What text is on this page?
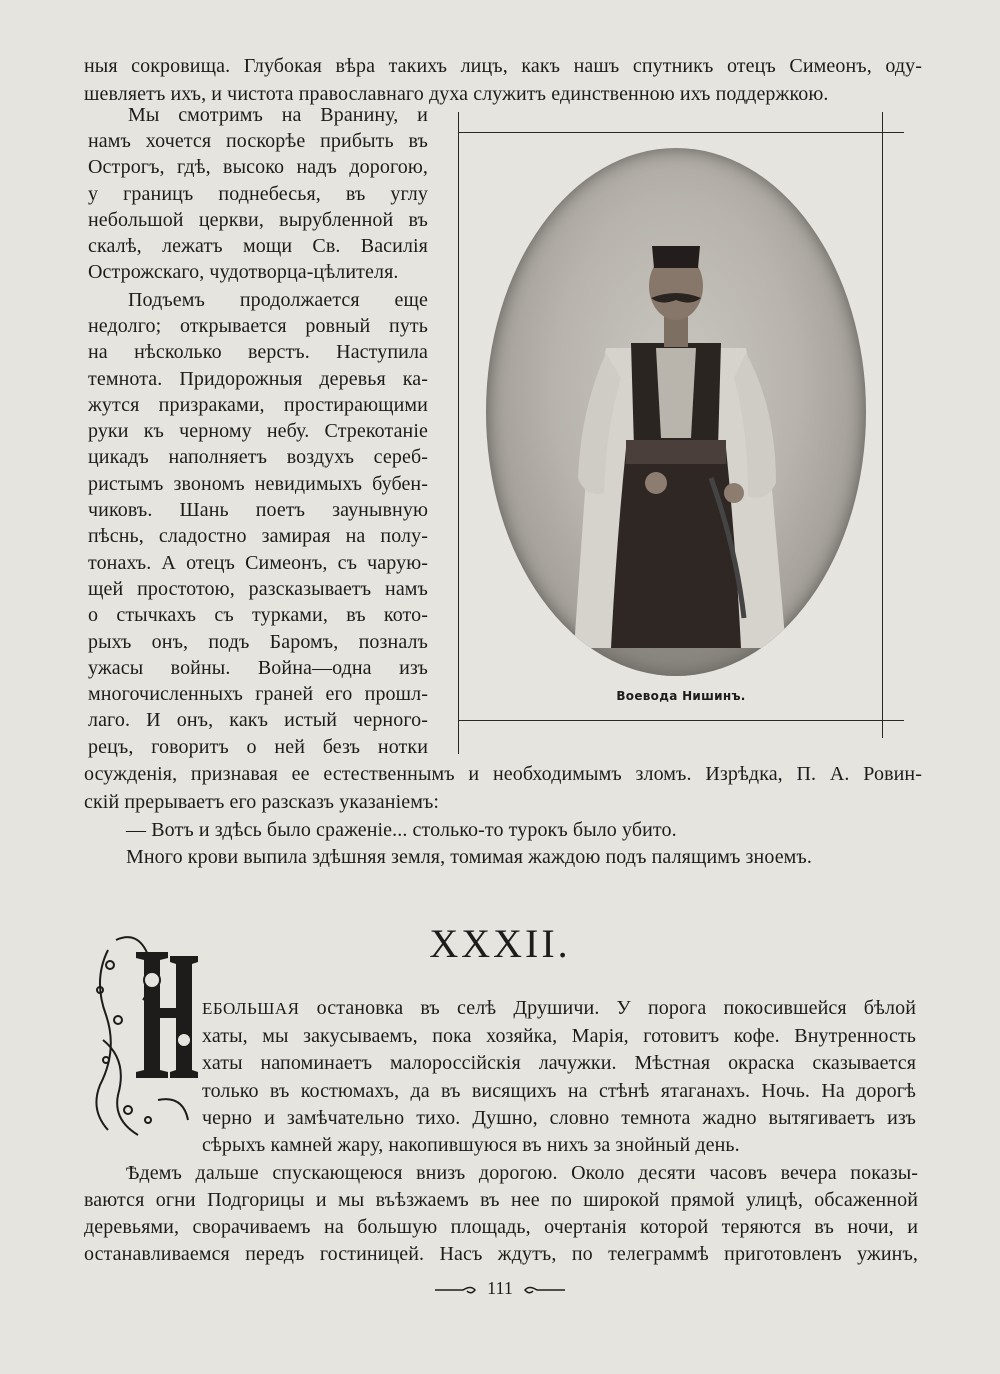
ныя сокровища. Глубокая вѣра такихъ лицъ, какъ нашъ спутникъ отецъ Симеонъ, оду-

шевляетъ ихъ, и чистота православнаго духа служитъ единственною ихъ поддержкою.

Мы смотримъ на Вранину, и

намъ хочется поскорѣе прибыть въ

Острогъ, гдѣ, высоко надъ дорогою,

у границъ поднебесья, въ углу

небольшой церкви, вырубленной въ

скалѣ, лежатъ мощи Св. Василія

Острожскаго, чудотворца-цѣлителя.

Подъемъ продолжается еще

недолго; открывается ровный путь

на нѣсколько верстъ. Наступила

темнота. Придорожныя деревья ка-

жутся призраками, простирающими

руки къ черному небу. Стрекотаніе

цикадъ наполняетъ воздухъ сереб-

ристымъ звономъ невидимыхъ бубен-

чиковъ. Шань поетъ заунывную

пѣснь, сладостно замирая на полу-

тонахъ. А отецъ Симеонъ, съ чарую-

щей простотою, разсказываетъ намъ

о стычкахъ съ турками, въ кото-

рыхъ онъ, подъ Баромъ, позналъ

ужасы войны. Война—одна изъ

многочисленныхъ граней его прошл-

лаго. И онъ, какъ истый черного-

рецъ, говоритъ о ней безъ нотки

Воевода Нишинъ.

осужденія, признавая ее естественнымъ и необходимымъ зломъ. Изрѣдка, П. А. Ровин-

скій прерываетъ его разсказъ указаніемъ:

— Вотъ и здѣсь было сраженіе... столько-то турокъ было убито.

Много крови выпила здѣшняя земля, томимая жаждою подъ палящимъ зноемъ.

XXXII.

ЕБОЛЬШАЯ остановка въ селѣ Друшичи. У порога покосившейся бѣлой

хаты, мы закусываемъ, пока хозяйка, Марія, готовитъ кофе. Внутренность

хаты напоминаетъ малороссійскія лачужки. Мѣстная окраска сказывается

только въ костюмахъ, да въ висящихъ на стѣнѣ ятаганахъ. Ночь. На дорогѣ

черно и замѣчательно тихо. Душно, словно темнота жадно вытягиваетъ изъ

сѣрыхъ камней жару, накопившуюся въ нихъ за знойный день.

Ѣдемъ дальше спускающеюся внизъ дорогою. Около десяти часовъ вечера показы-

ваются огни Подгорицы и мы въѣзжаемъ въ нее по широкой прямой улицѣ, обсаженной

деревьями, сворачиваемъ на большую площадь, очертанія которой теряются въ ночи, и

останавливаемся передъ гостиницей. Насъ ждутъ, по телеграммѣ приготовленъ ужинъ,

111
